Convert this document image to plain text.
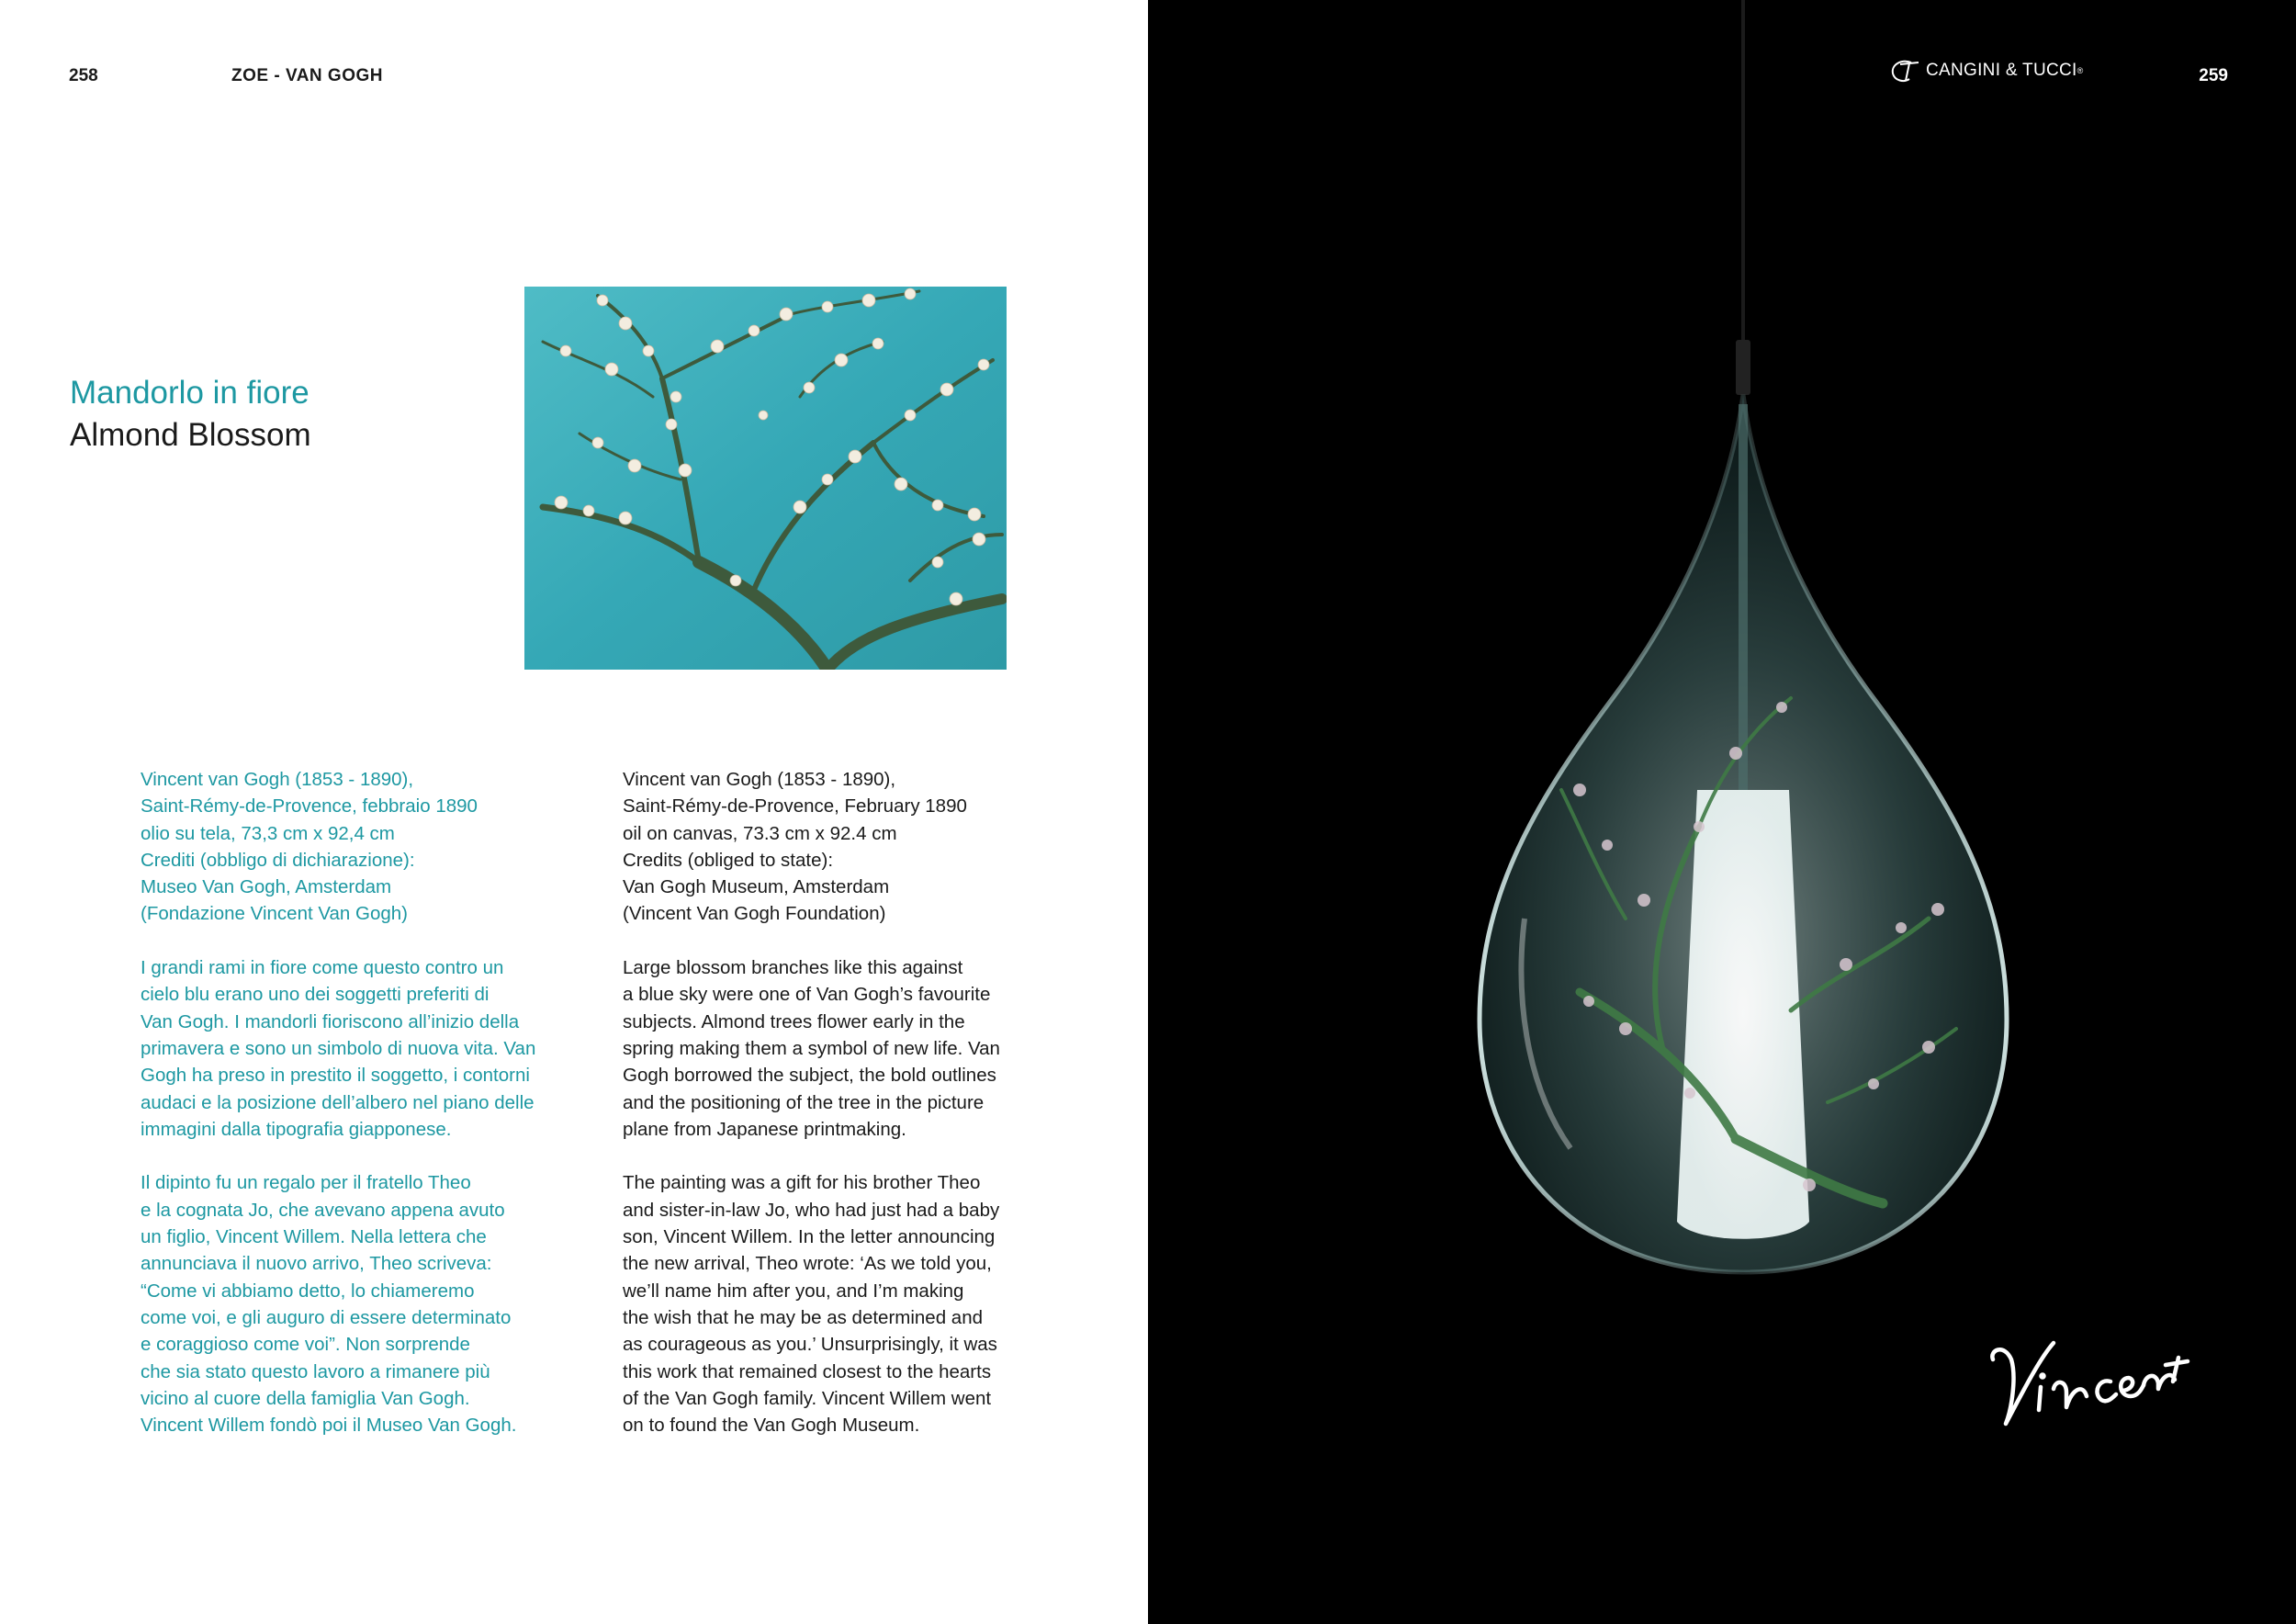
258	ZOE - VAN GOGH
Mandorlo in fiore
Almond Blossom

Vincent van Gogh (1853 - 1890),
Saint-Rémy-de-Provence, febbraio 1890
olio su tela, 73,3 cm x 92,4 cm
Crediti (obbligo di dichiarazione):
Museo Van Gogh, Amsterdam
(Fondazione Vincent Van Gogh)

I grandi rami in fiore come questo contro un
cielo blu erano uno dei soggetti preferiti di
Van Gogh. I mandorli fioriscono all’inizio della
primavera e sono un simbolo di nuova vita. Van
Gogh ha preso in prestito il soggetto, i contorni
audaci e la posizione dell’albero nel piano delle
immagini dalla tipografia giapponese.

Il dipinto fu un regalo per il fratello Theo
e la cognata Jo, che avevano appena avuto
un figlio, Vincent Willem. Nella lettera che
annunciava il nuovo arrivo, Theo scriveva:
“Come vi abbiamo detto, lo chiameremo
come voi, e gli auguro di essere determinato
e coraggioso come voi”. Non sorprende
che sia stato questo lavoro a rimanere più
vicino al cuore della famiglia Van Gogh.
Vincent Willem fondò poi il Museo Van Gogh.

Vincent van Gogh (1853 - 1890),
Saint-Rémy-de-Provence, February 1890
oil on canvas, 73.3 cm x 92.4 cm
Credits (obliged to state):
Van Gogh Museum, Amsterdam
(Vincent Van Gogh Foundation)

Large blossom branches like this against
a blue sky were one of Van Gogh’s favourite
subjects. Almond trees flower early in the
spring making them a symbol of new life. Van
Gogh borrowed the subject, the bold outlines
and the positioning of the tree in the picture
plane from Japanese printmaking.

The painting was a gift for his brother Theo
and sister-in-law Jo, who had just had a baby
son, Vincent Willem. In the letter announcing
the new arrival, Theo wrote: ‘As we told you,
we’ll name him after you, and I’m making
the wish that he may be as determined and
as courageous as you.’ Unsurprisingly, it was
this work that remained closest to the hearts
of the Van Gogh family. Vincent Willem went
on to found the Van Gogh Museum.

259
CANGINI & TUCCI ®
